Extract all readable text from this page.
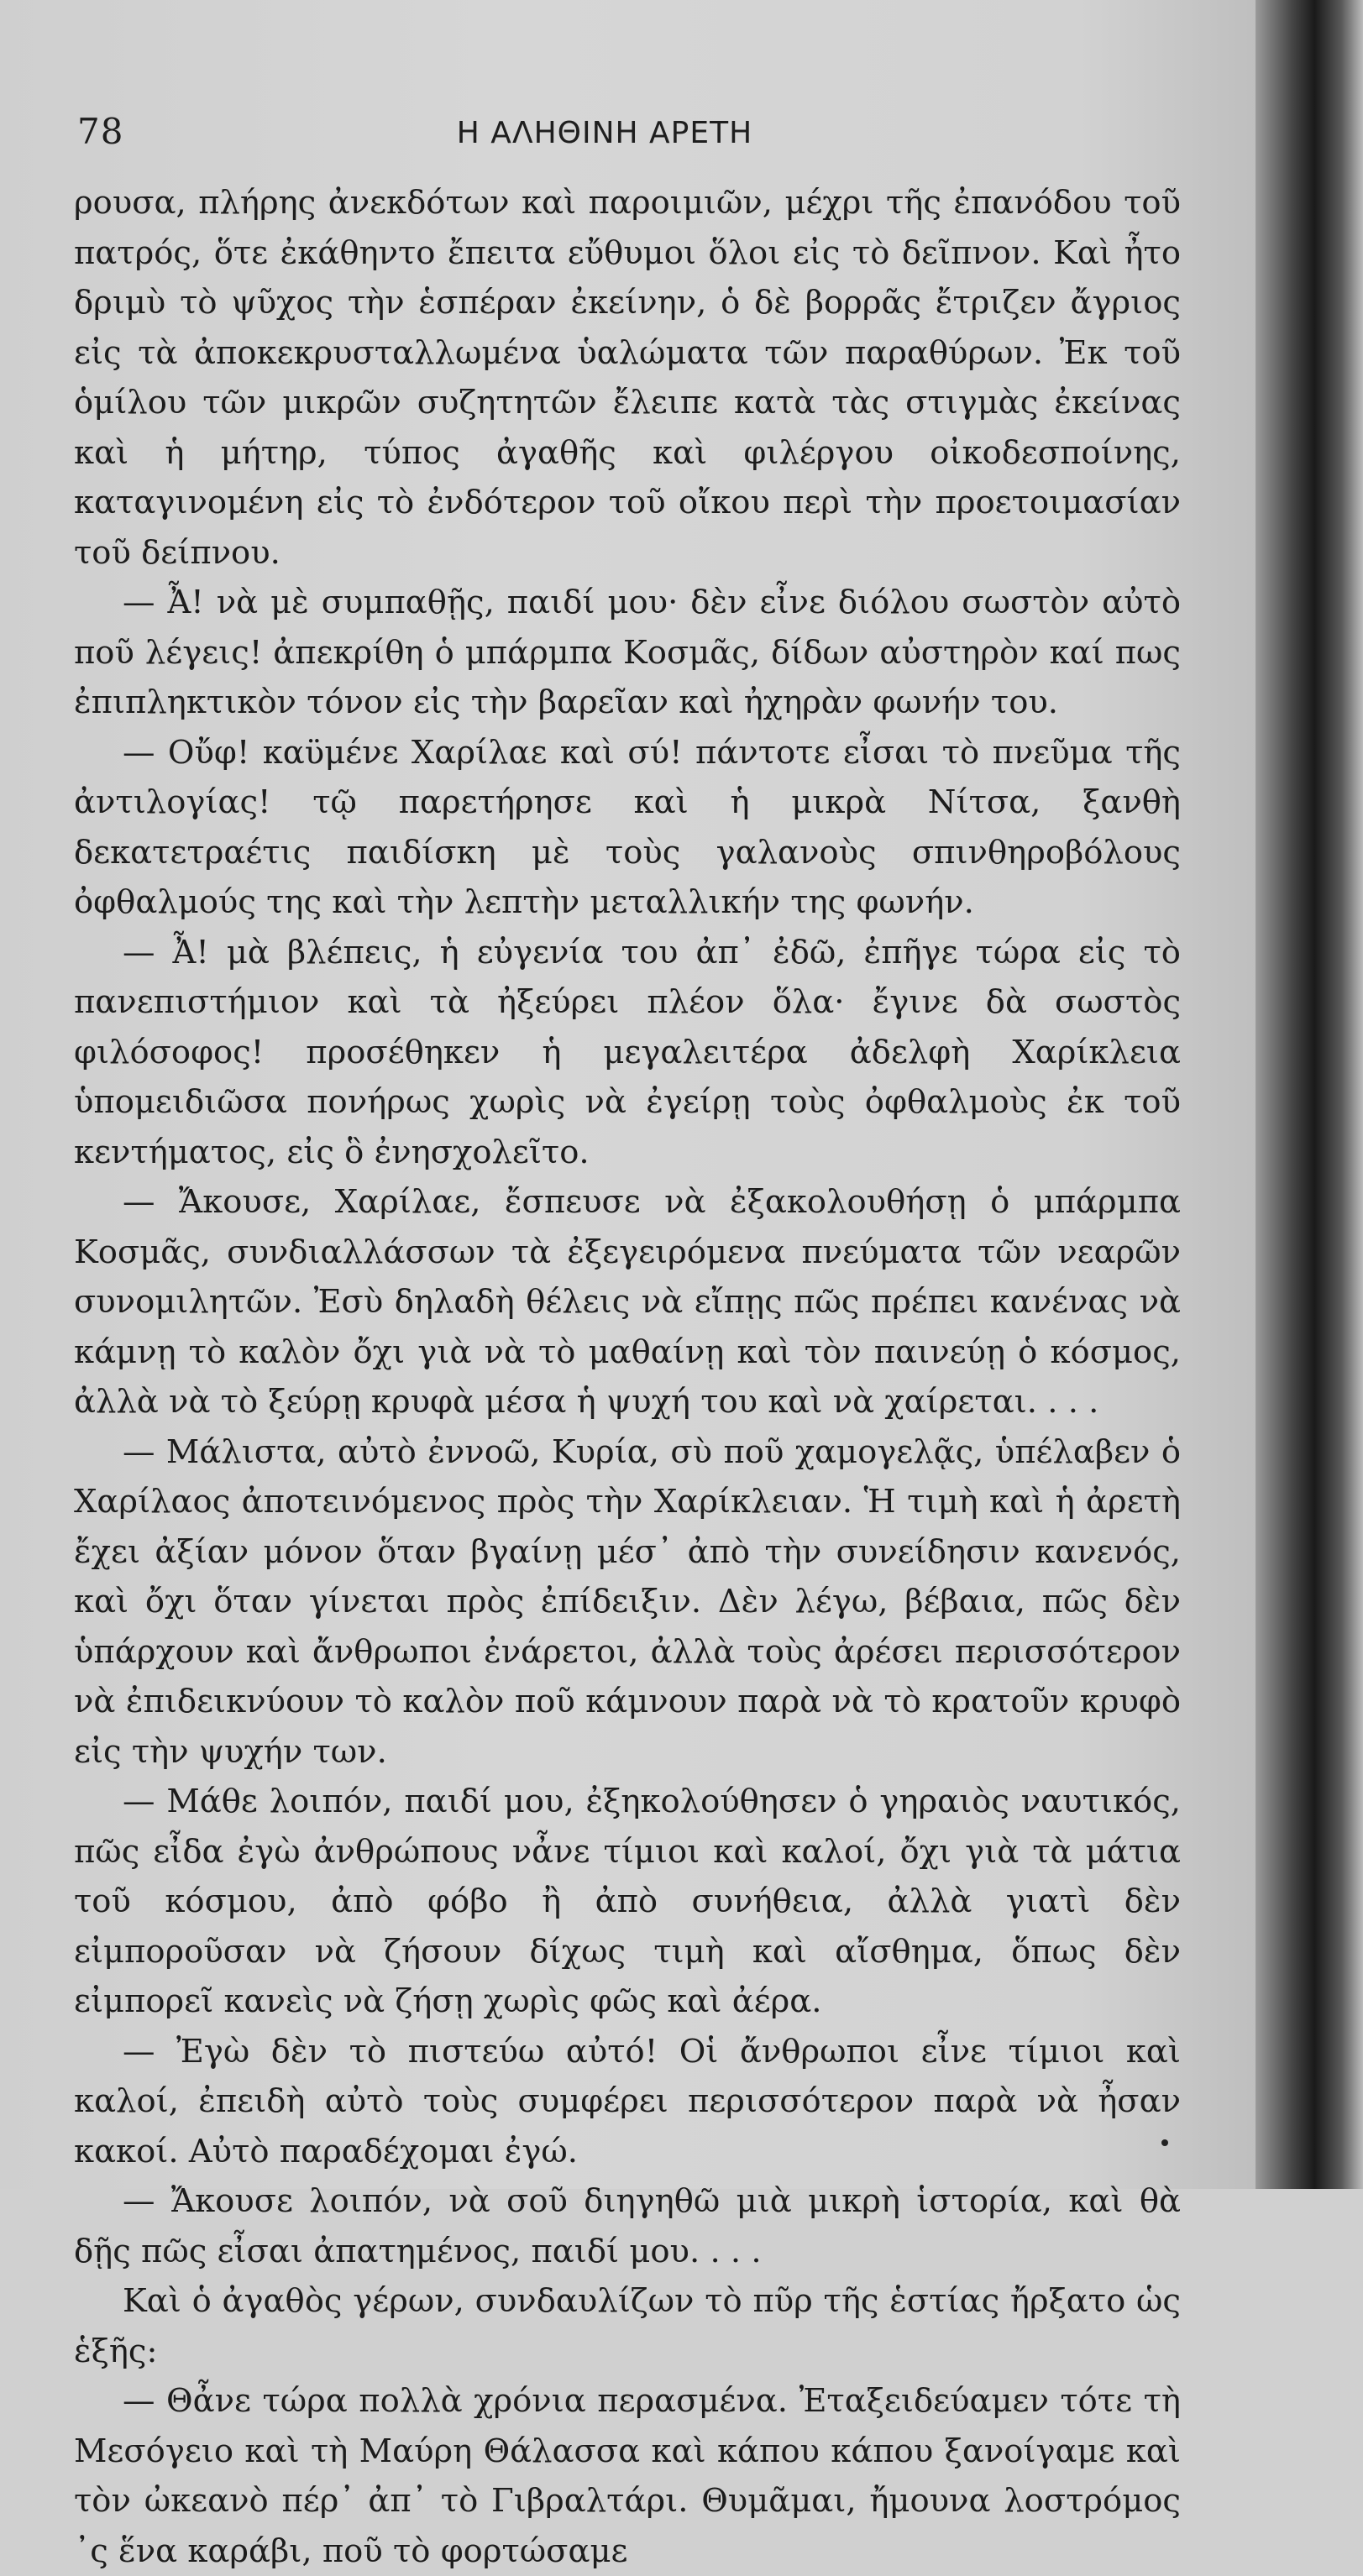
78	Η ΑΛΗΘΙΝΗ ΑΡΕΤΗ

ρουσα, πλήρης ἀνεκδότων καὶ παροιμιῶν, μέχρι τῆς ἐπανόδου τοῦ πατρός, ὅτε ἐκάθηντο ἔπειτα εὔθυμοι ὅλοι εἰς τὸ δεῖπνον. Καὶ ἦτο δριμὺ τὸ ψῦχος τὴν ἑσπέραν ἐκείνην, ὁ δὲ βορρᾶς ἔτριζεν ἄγριος εἰς τὰ ἀποκεκρυσταλλωμένα ὑαλώματα τῶν παραθύρων. Ἐκ τοῦ ὁμίλου τῶν μικρῶν συζητητῶν ἔλειπε κατὰ τὰς στιγμὰς ἐκείνας καὶ ἡ μήτηρ, τύπος ἀγαθῆς καὶ φιλέργου οἰκοδεσποίνης, καταγινομένη εἰς τὸ ἐνδότερον τοῦ οἴκου περὶ τὴν προετοιμασίαν τοῦ δείπνου.

— Ἆ! νὰ μὲ συμπαθῇς, παιδί μου· δὲν εἶνε διόλου σωστὸν αὐτὸ ποῦ λέγεις! ἀπεκρίθη ὁ μπάρμπα Κοσμᾶς, δίδων αὐστηρὸν καί πως ἐπιπληκτικὸν τόνον εἰς τὴν βαρεῖαν καὶ ἠχηρὰν φωνήν του.

— Οὔφ! καϋμένε Χαρίλαε καὶ σύ! πάντοτε εἶσαι τὸ πνεῦμα τῆς ἀντιλογίας! τῷ παρετήρησε καὶ ἡ μικρὰ Νίτσα, ξανθὴ δεκατετραέτις παιδίσκη μὲ τοὺς γαλανοὺς σπινθηροβόλους ὀφθαλμούς της καὶ τὴν λεπτὴν μεταλλικήν της φωνήν.

— Ἆ! μὰ βλέπεις, ἡ εὐγενία του ἀπ᾽ ἐδῶ, ἐπῆγε τώρα εἰς τὸ πανεπιστήμιον καὶ τὰ ἠξεύρει πλέον ὅλα· ἔγινε δὰ σωστὸς φιλόσοφος! προσέθηκεν ἡ μεγαλειτέρα ἀδελφὴ Χαρίκλεια ὑπομειδιῶσα πονήρως χωρὶς νὰ ἐγείρῃ τοὺς ὀφθαλμοὺς ἐκ τοῦ κεντήματος, εἰς ὃ ἐνησχολεῖτο.

— Ἄκουσε, Χαρίλαε, ἔσπευσε νὰ ἐξακολουθήσῃ ὁ μπάρμπα Κοσμᾶς, συνδιαλλάσσων τὰ ἐξεγειρόμενα πνεύματα τῶν νεαρῶν συνομιλητῶν. Ἐσὺ δηλαδὴ θέλεις νὰ εἴπῃς πῶς πρέπει κανένας νὰ κάμνῃ τὸ καλὸν ὄχι γιὰ νὰ τὸ μαθαίνῃ καὶ τὸν παινεύῃ ὁ κόσμος, ἀλλὰ νὰ τὸ ξεύρῃ κρυφὰ μέσα ἡ ψυχή του καὶ νὰ χαίρεται. . . .

— Μάλιστα, αὐτὸ ἐννοῶ, Κυρία, σὺ ποῦ χαμογελᾷς, ὑπέλαβεν ὁ Χαρίλαος ἀποτεινόμενος πρὸς τὴν Χαρίκλειαν. Ἡ τιμὴ καὶ ἡ ἀρετὴ ἔχει ἀξίαν μόνον ὅταν βγαίνῃ μέσ᾽ ἀπὸ τὴν συνείδησιν κανενός, καὶ ὄχι ὅταν γίνεται πρὸς ἐπίδειξιν. Δὲν λέγω, βέβαια, πῶς δὲν ὑπάρχουν καὶ ἄνθρωποι ἐνάρετοι, ἀλλὰ τοὺς ἀρέσει περισσότερον νὰ ἐπιδεικνύουν τὸ καλὸν ποῦ κάμνουν παρὰ νὰ τὸ κρατοῦν κρυφὸ εἰς τὴν ψυχήν των.

— Μάθε λοιπόν, παιδί μου, ἐξηκολούθησεν ὁ γηραιὸς ναυτικός, πῶς εἶδα ἐγὼ ἀνθρώπους νἆνε τίμιοι καὶ καλοί, ὄχι γιὰ τὰ μάτια τοῦ κόσμου, ἀπὸ φόβο ἢ ἀπὸ συνήθεια, ἀλλὰ γιατὶ δὲν εἰμποροῦσαν νὰ ζήσουν δίχως τιμὴ καὶ αἴσθημα, ὅπως δὲν εἰμπορεῖ κανεὶς νὰ ζήσῃ χωρὶς φῶς καὶ ἀέρα.

— Ἐγὼ δὲν τὸ πιστεύω αὐτό! Οἱ ἄνθρωποι εἶνε τίμιοι καὶ καλοί, ἐπειδὴ αὐτὸ τοὺς συμφέρει περισσότερον παρὰ νὰ ἦσαν κακοί. Αὐτὸ παραδέχομαι ἐγώ.

— Ἄκουσε λοιπόν, νὰ σοῦ διηγηθῶ μιὰ μικρὴ ἱστορία, καὶ θὰ δῇς πῶς εἶσαι ἀπατημένος, παιδί μου. . . .

Καὶ ὁ ἀγαθὸς γέρων, συνδαυλίζων τὸ πῦρ τῆς ἑστίας ἤρξατο ὡς ἑξῆς:

— Θἆνε τώρα πολλὰ χρόνια περασμένα. Ἐταξειδεύαμεν τότε τὴ Μεσόγειο καὶ τὴ Μαύρη Θάλασσα καὶ κάπου κάπου ξανοίγαμε καὶ τὸν ὠκεανὸ πέρ᾽ ἀπ᾽ τὸ Γιβραλτάρι. Θυμᾶμαι, ἤμουνα λοστρόμος ᾽ς ἕνα καράβι, ποῦ τὸ φορτώσαμε
